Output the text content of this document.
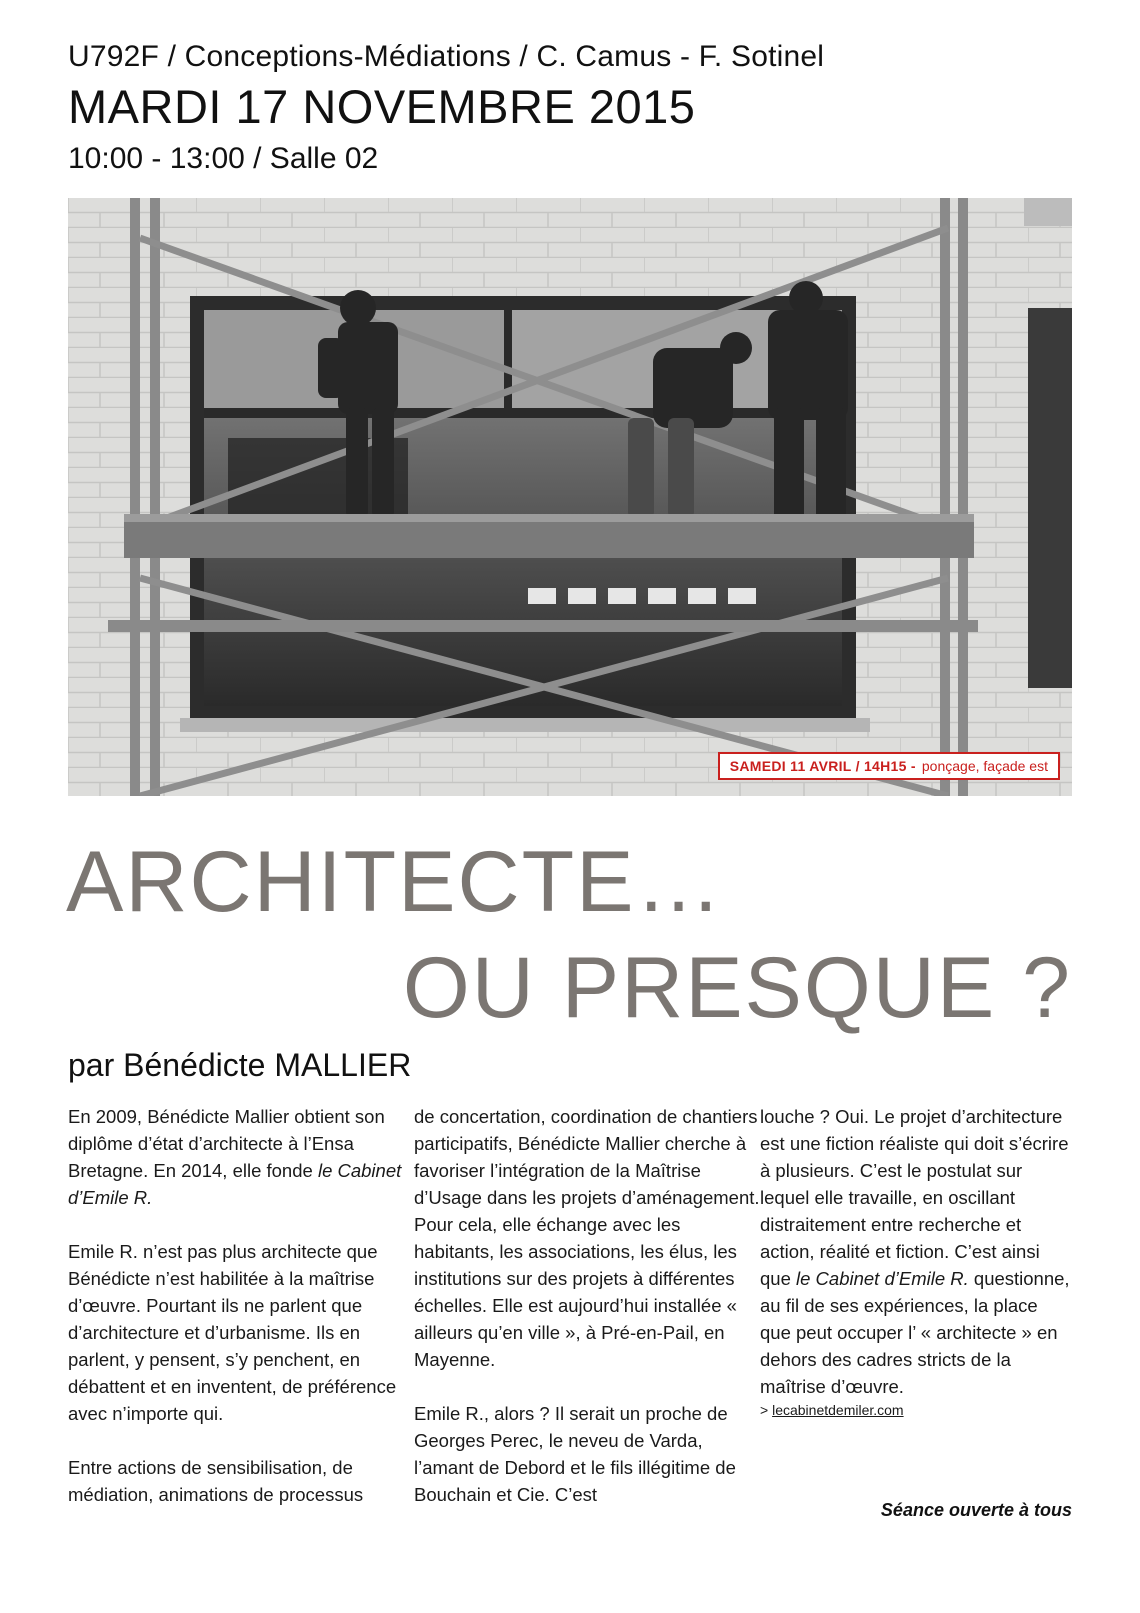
U792F / Conceptions-Médiations / C. Camus - F. Sotinel
MARDI 17 NOVEMBRE 2015
10:00 - 13:00 / Salle 02
SAMEDI 11 AVRIL / 14H15 - ponçage, façade est
ARCHITECTE…
OU PRESQUE ?
par Bénédicte MALLIER

En 2009, Bénédicte Mallier obtient son diplôme d’état d’architecte à l’Ensa Bretagne. En 2014, elle fonde le Cabinet d’Emile R.

Emile R. n’est pas plus architecte que Bénédicte n’est habilitée à la maîtrise d’œuvre. Pourtant ils ne parlent que d’architecture et d’urbanisme. Ils en parlent, y pensent, s’y penchent, en débattent et en inventent, de préférence avec n’importe qui.

Entre actions de sensibilisation, de médiation, animations de processus

de concertation, coordination de chantiers participatifs, Bénédicte Mallier cherche à favoriser l’intégration de la Maîtrise d’Usage dans les projets d’aménagement. Pour cela, elle échange avec les habitants, les associations, les élus, les institutions sur des projets à différentes échelles. Elle est aujourd’hui installée « ailleurs qu’en ville », à Pré-en-Pail, en Mayenne.

Emile R., alors ? Il serait un proche de Georges Perec, le neveu de Varda, l’amant de Debord et le fils illégitime de Bouchain et Cie. C’est

louche ? Oui. Le projet d’architecture est une fiction réaliste qui doit s’écrire à plusieurs. C’est le postulat sur lequel elle travaille, en oscillant distraitement entre recherche et action, réalité et fiction. C’est ainsi que le Cabinet d’Emile R. questionne, au fil de ses expériences, la place que peut occuper l’ « architecte » en dehors des cadres stricts de la maîtrise d’œuvre.

> lecabinetdemiler.com
Séance ouverte à tous
